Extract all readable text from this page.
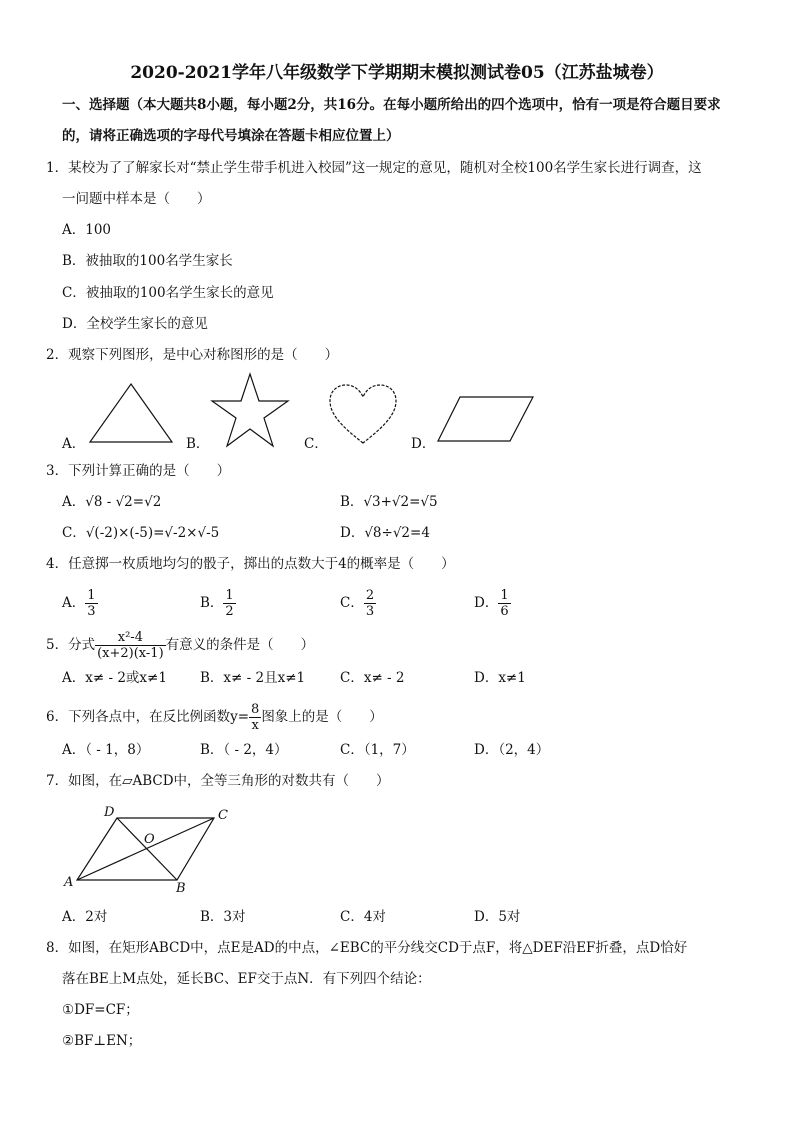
2020-2021学年八年级数学下学期期末模拟测试卷05（江苏盐城卷）
一、选择题（本大题共8小题，每小题2分，共16分。在每小题所给出的四个选项中，恰有一项是符合题目要求
的，请将正确选项的字母代号填涂在答题卡相应位置上）
1．某校为了了解家长对“禁止学生带手机进入校园”这一规定的意见，随机对全校100名学生家长进行调查，这
一问题中样本是（　　）
A．100
B．被抽取的100名学生家长
C．被抽取的100名学生家长的意见
D．全校学生家长的意见
2．观察下列图形，是中心对称图形的是（　　）
A．	B．	C．	D．
3．下列计算正确的是（　　）
A．√8 - √2=√2	B．√3+√2=√5
C．√(-2)×(-5)=√-2×√-5	D．√8÷√2=4
4．任意掷一枚质地均匀的骰子，掷出的点数大于4的概率是（　　）
A． $\frac{1}{3}$	B． $\frac{1}{2}$	C． $\frac{2}{3}$	D． $\frac{1}{6}$
5．分式 $\frac{\text{x²-4}}{(x+2)(x-1)}$ 有意义的条件是（　　）
A．x≠ - 2或x≠1 B．x≠ - 2且x≠1	C．x≠ - 2	D．x≠1
6．下列各点中，在反比例函数$y= \frac{8}{x}$ 图象上的是（　　）
A．（ - 1，8）	B．（ - 2，4）	C．（1，7）	D．（2，4）
7．如图，在▱ABCD中，全等三角形的对数共有（　　）
D	C
A	B
O
A．2对	B．3对	C．4对	D．5对
8．如图，在矩形ABCD中，点E是AD的中点，∠EBC的平分线交CD于点F，将△DEF沿EF折叠，点D恰好
落在BE上M点处，延长BC、EF交于点N．有下列四个结论：
①DF=CF；
②BF⊥EN；
